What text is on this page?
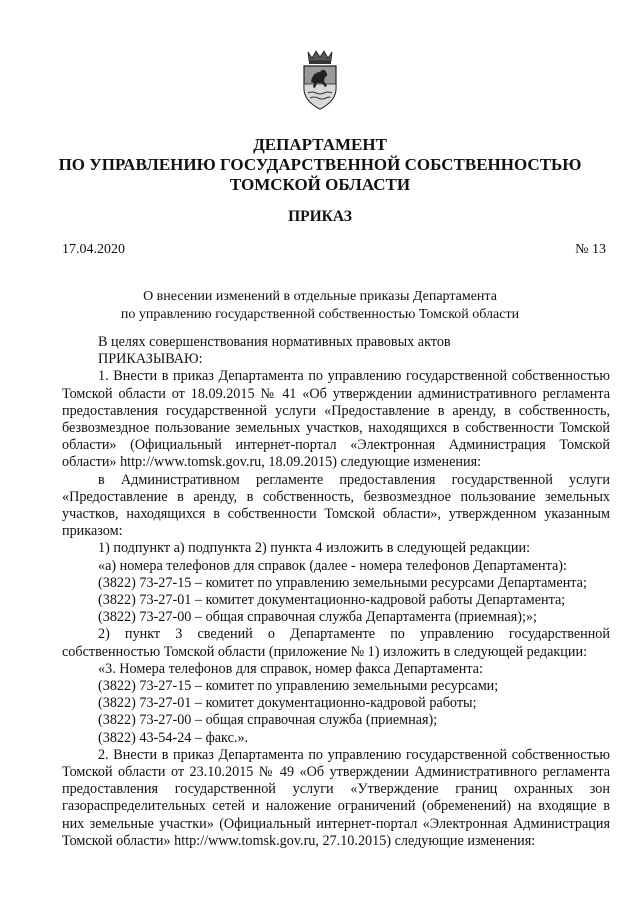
ДЕПАРТАМЕНТ
ПО УПРАВЛЕНИЮ ГОСУДАРСТВЕННОЙ СОБСТВЕННОСТЬЮ
ТОМСКОЙ ОБЛАСТИ
ПРИКАЗ
17.04.2020	№ 13
О внесении изменений в отдельные приказы Департамента
по управлению государственной собственностью Томской области

В целях совершенствования нормативных правовых актов

ПРИКАЗЫВАЮ:

1. Внести в приказ Департамента по управлению государственной собственностью Томской области от 18.09.2015 № 41 «Об утверждении административного регламента предоставления государственной услуги «Предоставление в аренду, в собственность, безвозмездное пользование земельных участков, находящихся в собственности Томской области» (Официальный интернет-портал «Электронная Администрация Томской области» http://www.tomsk.gov.ru, 18.09.2015) следующие изменения:

в Административном регламенте предоставления государственной услуги «Предоставление в аренду, в собственность, безвозмездное пользование земельных участков, находящихся в собственности Томской области», утвержденном указанным приказом:

1) подпункт а) подпункта 2) пункта 4 изложить в следующей редакции:

«а) номера телефонов для справок (далее - номера телефонов Департамента):

(3822) 73-27-15 – комитет по управлению земельными ресурсами Департамента;

(3822) 73-27-01 – комитет документационно-кадровой работы Департамента;

(3822) 73-27-00 – общая справочная служба Департамента (приемная);»;

2) пункт 3 сведений о Департаменте по управлению государственной собственностью Томской области (приложение № 1) изложить в следующей редакции:

«3. Номера телефонов для справок, номер факса Департамента:

(3822) 73-27-15 – комитет по управлению земельными ресурсами;

(3822) 73-27-01 – комитет документационно-кадровой работы;

(3822) 73-27-00 – общая справочная служба (приемная);

(3822) 43-54-24 – факс.».

2. Внести в приказ Департамента по управлению государственной собственностью Томской области от 23.10.2015 № 49 «Об утверждении Административного регламента предоставления государственной услуги «Утверждение границ охранных зон газораспределительных сетей и наложение ограничений (обременений) на входящие в них земельные участки» (Официальный интернет-портал «Электронная Администрация Томской области» http://www.tomsk.gov.ru, 27.10.2015) следующие изменения:
